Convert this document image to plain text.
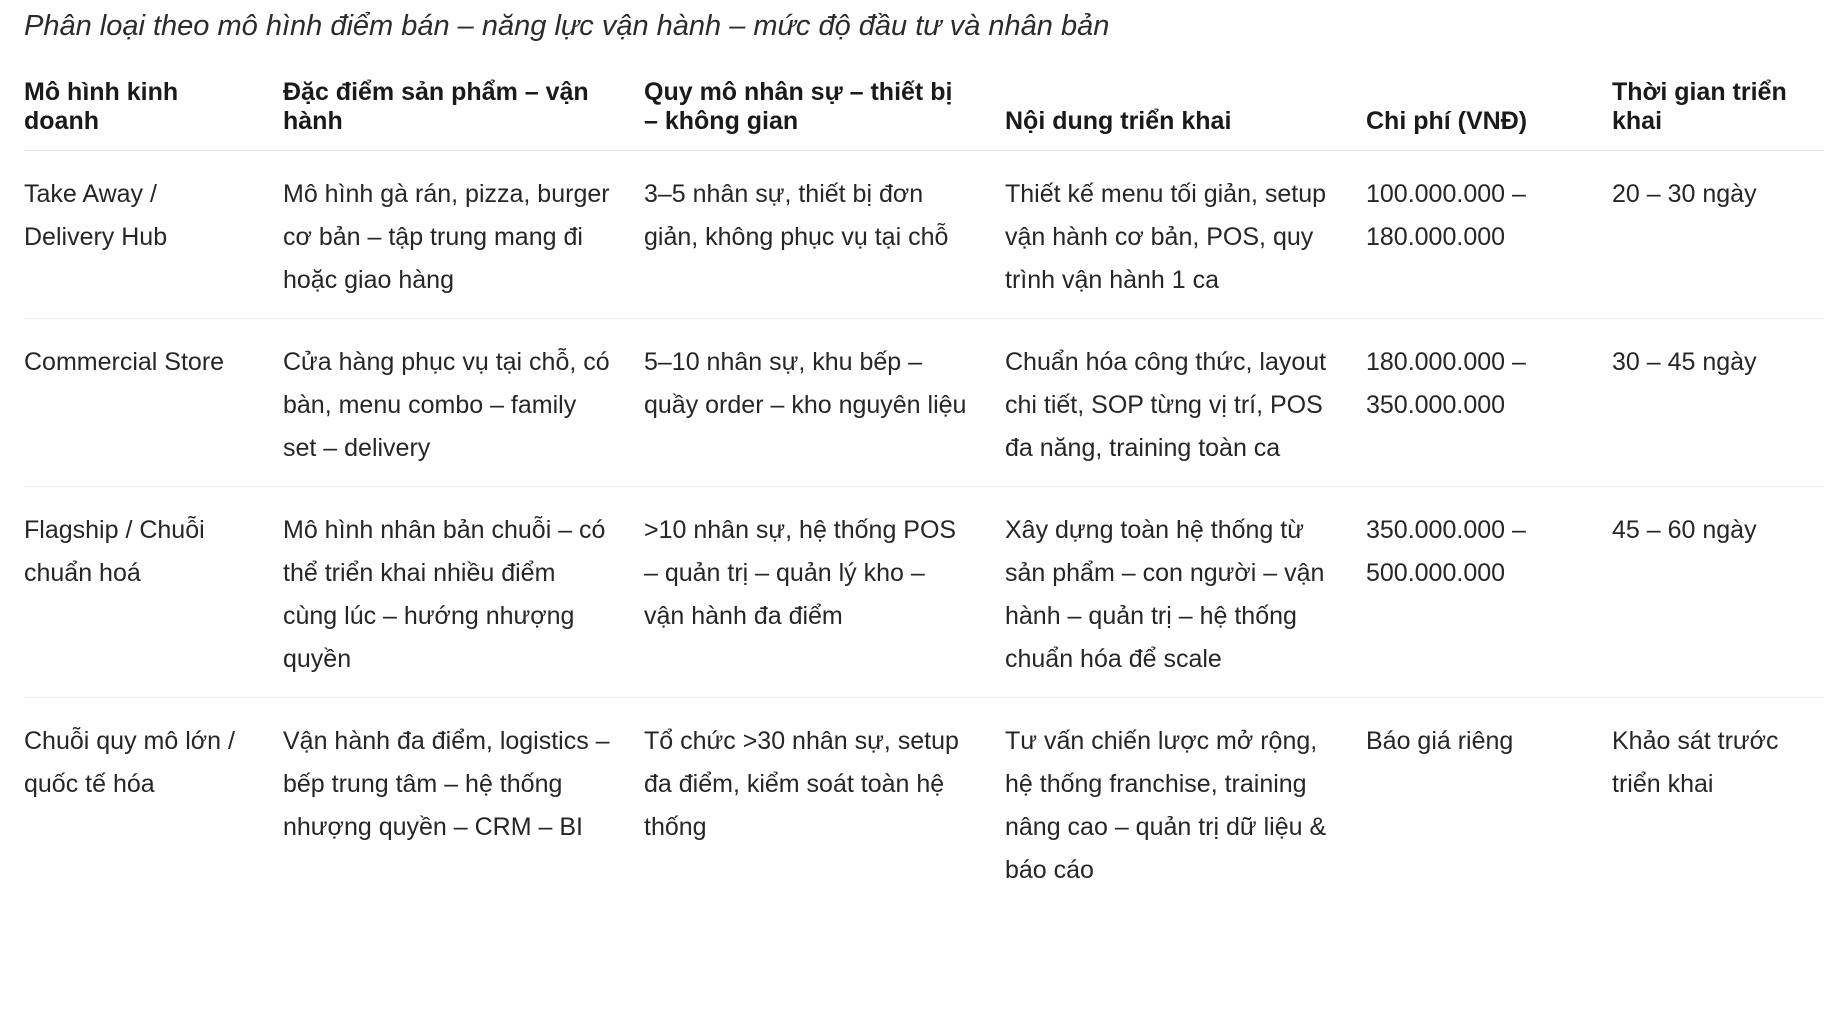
Phân loại theo mô hình điểm bán – năng lực vận hành – mức độ đầu tư và nhân bản
Mô hình kinh doanh	Đặc điểm sản phẩm – vận hành	Quy mô nhân sự – thiết bị – không gian	Nội dung triển khai	Chi phí (VNĐ)	Thời gian triển khai
Take Away / Delivery Hub	Mô hình gà rán, pizza, burger cơ bản – tập trung mang đi hoặc giao hàng	3–5 nhân sự, thiết bị đơn giản, không phục vụ tại chỗ	Thiết kế menu tối giản, setup vận hành cơ bản, POS, quy trình vận hành 1 ca	100.000.000 – 180.000.000	20 – 30 ngày
Commercial Store	Cửa hàng phục vụ tại chỗ, có bàn, menu combo – family set – delivery	5–10 nhân sự, khu bếp – quầy order – kho nguyên liệu	Chuẩn hóa công thức, layout chi tiết, SOP từng vị trí, POS đa năng, training toàn ca	180.000.000 – 350.000.000	30 – 45 ngày
Flagship / Chuỗi chuẩn hoá	Mô hình nhân bản chuỗi – có thể triển khai nhiều điểm cùng lúc – hướng nhượng quyền	>10 nhân sự, hệ thống POS – quản trị – quản lý kho – vận hành đa điểm	Xây dựng toàn hệ thống từ sản phẩm – con người – vận hành – quản trị – hệ thống chuẩn hóa để scale	350.000.000 – 500.000.000	45 – 60 ngày
Chuỗi quy mô lớn / quốc tế hóa	Vận hành đa điểm, logistics – bếp trung tâm – hệ thống nhượng quyền – CRM – BI	Tổ chức >30 nhân sự, setup đa điểm, kiểm soát toàn hệ thống	Tư vấn chiến lược mở rộng, hệ thống franchise, training nâng cao – quản trị dữ liệu & báo cáo	Báo giá riêng	Khảo sát trước triển khai
